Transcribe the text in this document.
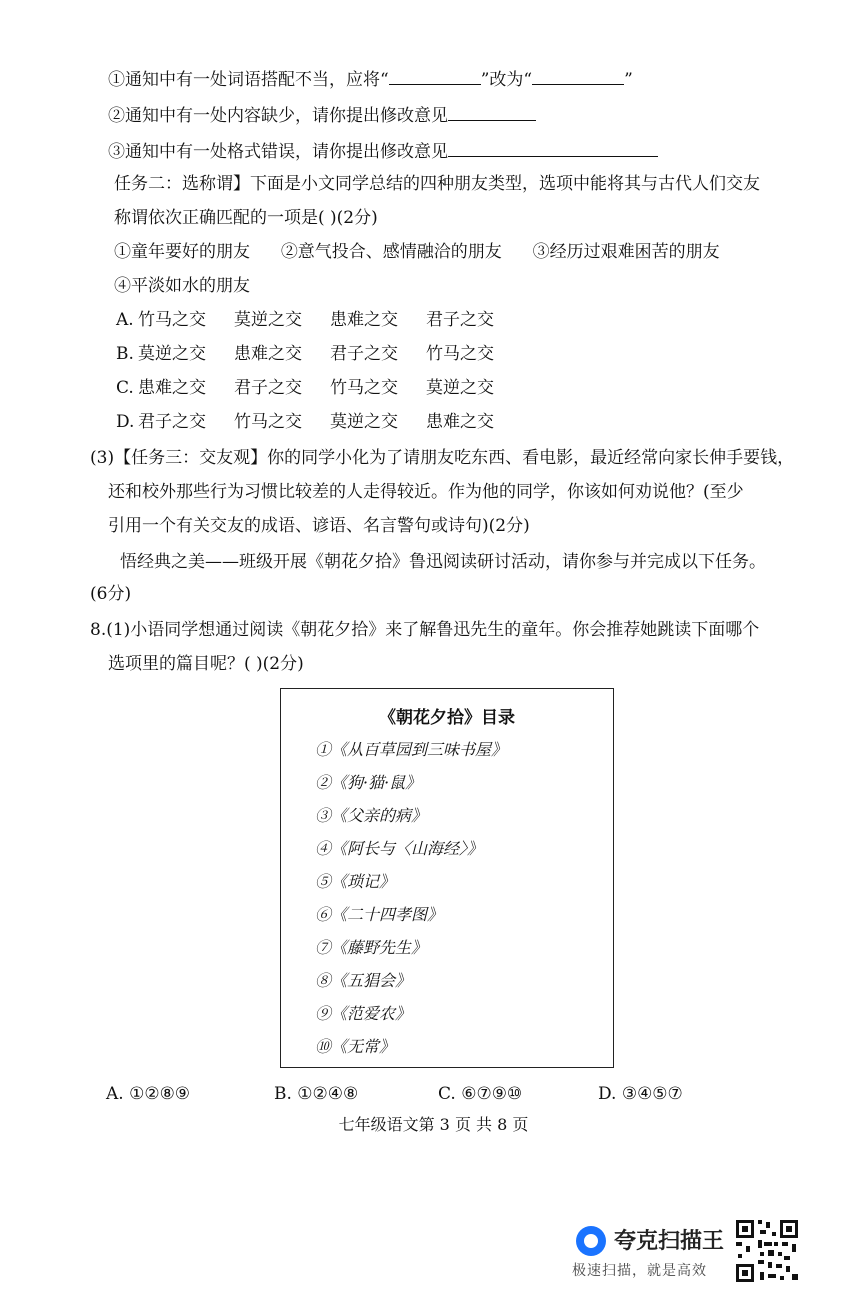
①通知中有一处词语搭配不当，应将“	”改为“	”
②通知中有一处内容缺少，请你提出修改意见
③通知中有一处格式错误，请你提出修改意见
任务二：选称谓】下面是小文同学总结的四种朋友类型，选项中能将其与古代人们交友
称谓依次正确匹配的一项是( )(2分)
①童年要好的朋友 ②意气投合、感情融洽的朋友 ③经历过艰难困苦的朋友
④平淡如水的朋友
A. 竹马之交 莫逆之交 患难之交 君子之交
B. 莫逆之交 患难之交 君子之交 竹马之交
C. 患难之交 君子之交 竹马之交 莫逆之交
D. 君子之交 竹马之交 莫逆之交 患难之交
(3)【任务三：交友观】你的同学小化为了请朋友吃东西、看电影，最近经常向家长伸手要钱，
还和校外那些行为习惯比较差的人走得较近。作为他的同学，你该如何劝说他？(至少
引用一个有关交友的成语、谚语、名言警句或诗句)(2分)
悟经典之美——班级开展《朝花夕拾》鲁迅阅读研讨活动，请你参与并完成以下任务。
(6分)
8.(1)小语同学想通过阅读《朝花夕拾》来了解鲁迅先生的童年。你会推荐她跳读下面哪个
选项里的篇目呢？( )(2分)
《朝花夕拾》目录
①《从百草园到三味书屋》
②《狗·猫·鼠》
③《父亲的病》
④《阿长与〈山海经〉》
⑤《琐记》
⑥《二十四孝图》
⑦《藤野先生》
⑧《五猖会》
⑨《范爱农》
⑩《无常》
A. ①②⑧⑨	B. ①②④⑧	C. ⑥⑦⑨⑩	D. ③④⑤⑦
七年级语文第 3 页 共 8 页
夸克扫描王
极速扫描，就是高效
